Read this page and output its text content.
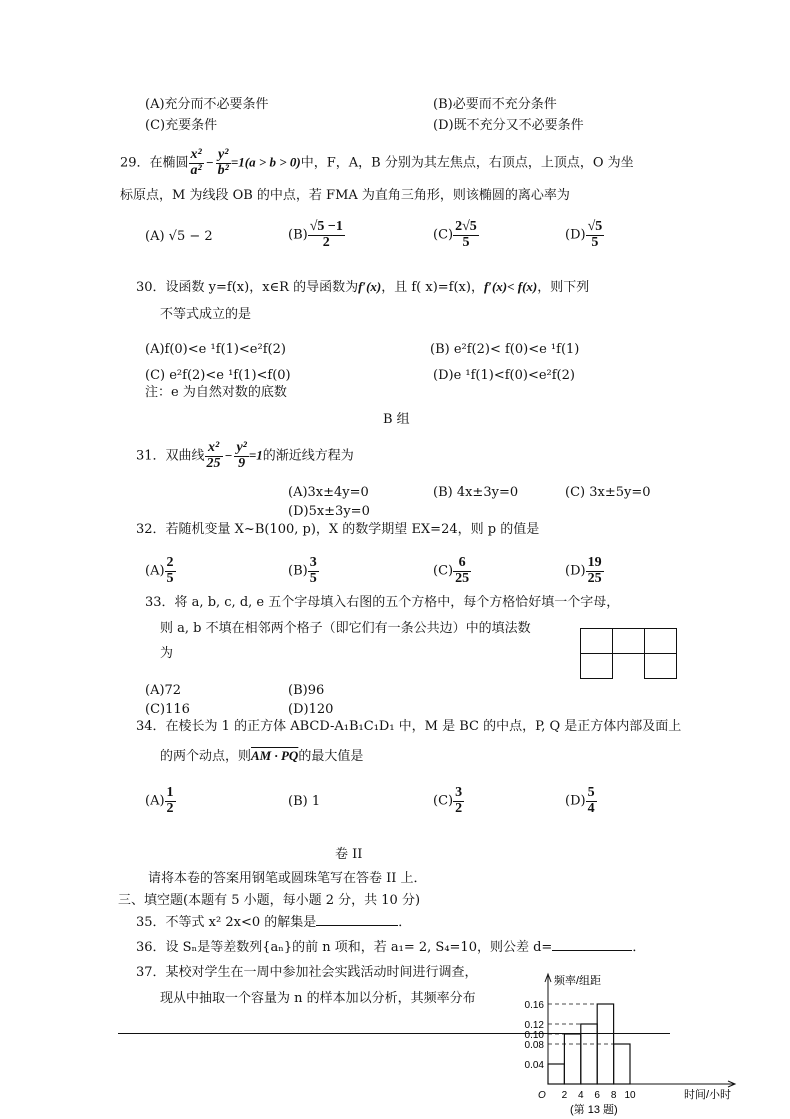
(A)充分而不必要条件	(B)必要而不充分条件
(C)充要条件	(D)既不充分又不必要条件
29．在椭圆 $\frac{\text{x²}}{\text{a²}} - \frac{\text{y²}}{\text{b²}} =1(a > b > 0)$中，F，A，B 分别为其左焦点，右顶点，上顶点，O 为坐
标原点，M 为线段 OB 的中点，若 FMA 为直角三角形，则该椭圆的离心率为
(A) √5 − 2	$(B) \frac{√5 -1}{2}$	$(C) \frac{2√5}{5}$	$(D) \frac{√5}{5}$
30．设函数 y=f(x)，x∈R 的导函数为f′(x)，且 f( x)=f(x)，f′(x)< f(x)，则下列
不等式成立的是
(A)f(0)<e ¹f(1)<e²f(2)	(B) e²f(2)< f(0)<e ¹f(1)
(C) e²f(2)<e ¹f(1)<f(0)	(D)e ¹f(1)<f(0)<e²f(2)
注：e 为自然对数的底数
B 组
31．双曲线 $\frac{\text{x²}}{25} - \frac{\text{y²}}{9} =1$的渐近线方程为
(A)3x±4y=0	(B) 4x±3y=0	(C) 3x±5y=0
(D)5x±3y=0
32．若随机变量 X~B(100, p)，X 的数学期望 EX=24，则 p 的值是
$(A) \frac{2}{5}$	$(B) \frac{3}{5}$	$(C) \frac{6}{25}$	$(D) \frac{19}{25}$
33．将 a, b, c, d, e 五个字母填入右图的五个方格中，每个方格恰好填一个字母，
则 a, b 不填在相邻两个格子（即它们有一条公共边）中的填法数
为

(A)72	(B)96
(C)116	(D)120
34．在棱长为 1 的正方体 ABCD-A₁B₁C₁D₁ 中，M 是 BC 的中点，P, Q 是正方体内部及面上
的两个动点，则AM · PQ的最大值是
$(A) \frac{1}{2}$	(B) 1	$(C) \frac{3}{2}$	$(D) \frac{5}{4}$
卷 II
请将本卷的答案用钢笔或圆珠笔写在答卷 II 上．
三、填空题(本题有 5 小题，每小题 2 分，共 10 分)
35．不等式 x² 2x<0 的解集是	．
36．设 Sₙ是等差数列{aₙ}的前 n 项和，若 a₁= 2, S₄=10，则公差 d=	．
37．某校对学生在一周中参加社会实践活动时间进行调查，
现从中抽取一个容量为 n 的样本加以分析，其频率分布
0.04
0.08
0.10
0.12
0.16
2 4 6 8 10
O
频率/组距
时间/小时
(第 13 题)
